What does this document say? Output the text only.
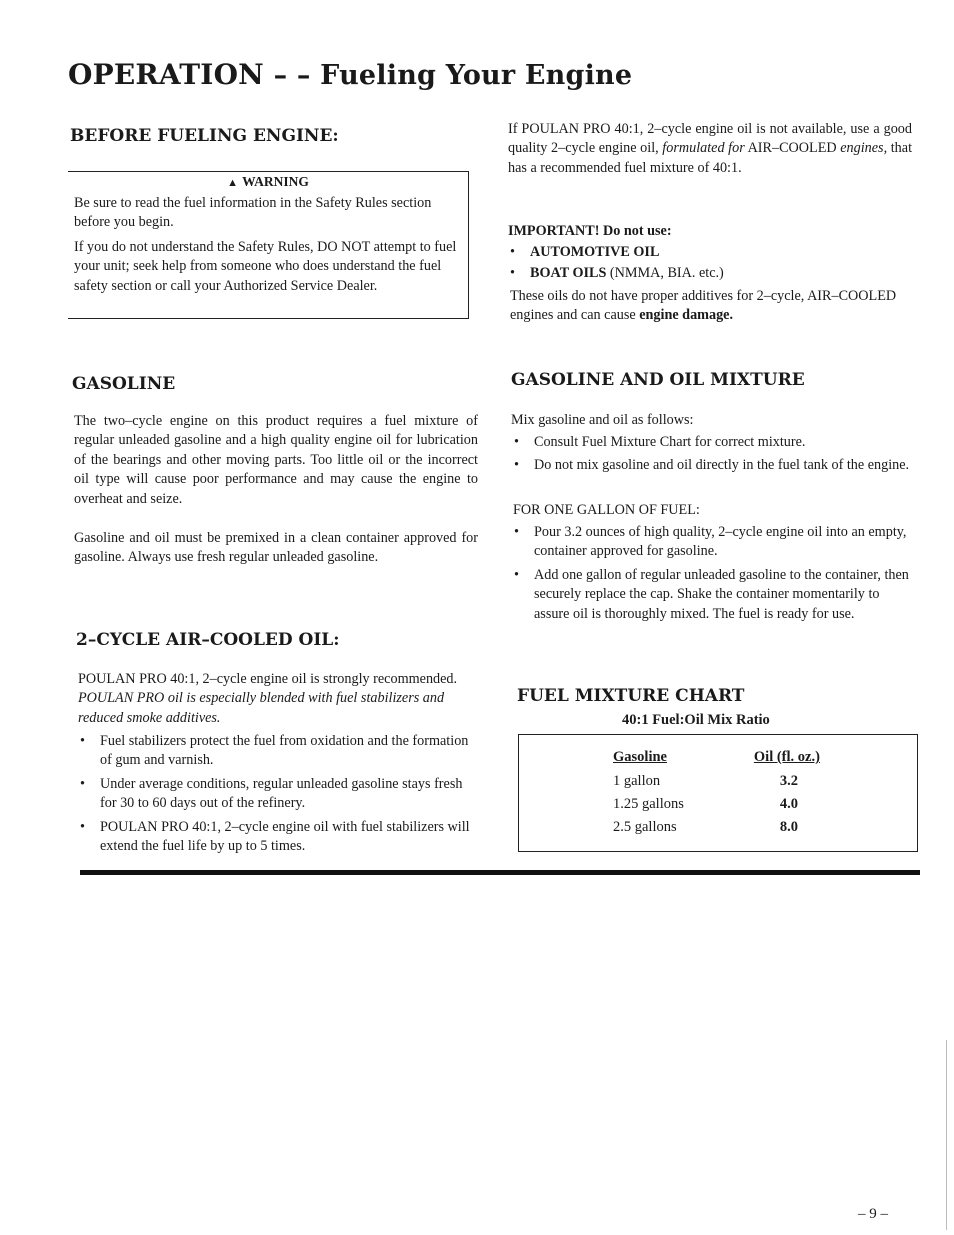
OPERATION – – Fueling Your Engine
BEFORE FUELING ENGINE:
▲ WARNING

Be sure to read the fuel information in the Safety Rules section before you begin.

If you do not understand the Safety Rules, DO NOT attempt to fuel your unit; seek help from someone who does understand the fuel safety section or call your Authorized Service Dealer.

GASOLINE

The two–cycle engine on this product requires a fuel mixture of regular unleaded gasoline and a high quality engine oil for lubrication of the bearings and other moving parts. Too little oil or the incorrect oil type will cause poor performance and may cause the engine to overheat and seize.

Gasoline and oil must be premixed in a clean container approved for gasoline. Always use fresh regular unleaded gasoline.

2–CYCLE AIR–COOLED OIL:

POULAN PRO 40:1, 2–cycle engine oil is strongly recommended. POULAN PRO oil is especially blended with fuel stabilizers and reduced smoke additives.

• Fuel stabilizers protect the fuel from oxidation and the formation of gum and varnish.
• Under average conditions, regular unleaded gasoline stays fresh for 30 to 60 days out of the refinery.
• POULAN PRO 40:1, 2–cycle engine oil with fuel stabilizers will extend the fuel life by up to 5 times.

If POULAN PRO 40:1, 2–cycle engine oil is not available, use a good quality 2–cycle engine oil, formulated for AIR–COOLED engines, that has a recommended fuel mixture of 40:1.

IMPORTANT! Do not use:

• AUTOMOTIVE OIL
• BOAT OILS (NMMA, BIA. etc.)

These oils do not have proper additives for 2–cycle, AIR–COOLED engines and can cause engine damage.

GASOLINE AND OIL MIXTURE

Mix gasoline and oil as follows:

• Consult Fuel Mixture Chart for correct mixture.
• Do not mix gasoline and oil directly in the fuel tank of the engine.

FOR ONE GALLON OF FUEL:

• Pour 3.2 ounces of high quality, 2–cycle engine oil into an empty, container approved for gasoline.
• Add one gallon of regular unleaded gasoline to the container, then securely replace the cap. Shake the container momentarily to assure oil is thoroughly mixed. The fuel is ready for use.
FUEL MIXTURE CHART
40:1 Fuel:Oil Mix Ratio
Gasoline	Oil (fl. oz.)
1 gallon	3.2
1.25 gallons	4.0
2.5 gallons	8.0
– 9 –
